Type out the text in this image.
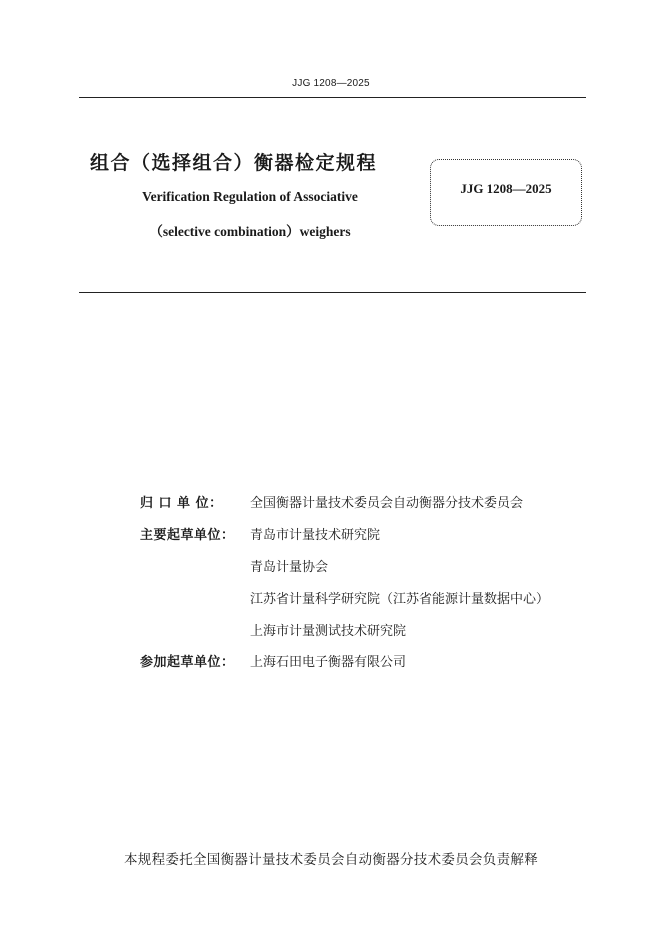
JJG 1208—2025
组合（选择组合）衡器检定规程
Verification Regulation of Associative
（selective combination）weighers
JJG 1208—2025
归 口 单 位：	全国衡器计量技术委员会自动衡器分技术委员会
主要起草单位：	青岛市计量技术研究院
青岛计量协会
江苏省计量科学研究院（江苏省能源计量数据中心）
上海市计量测试技术研究院
参加起草单位：	上海石田电子衡器有限公司
本规程委托全国衡器计量技术委员会自动衡器分技术委员会负责解释
